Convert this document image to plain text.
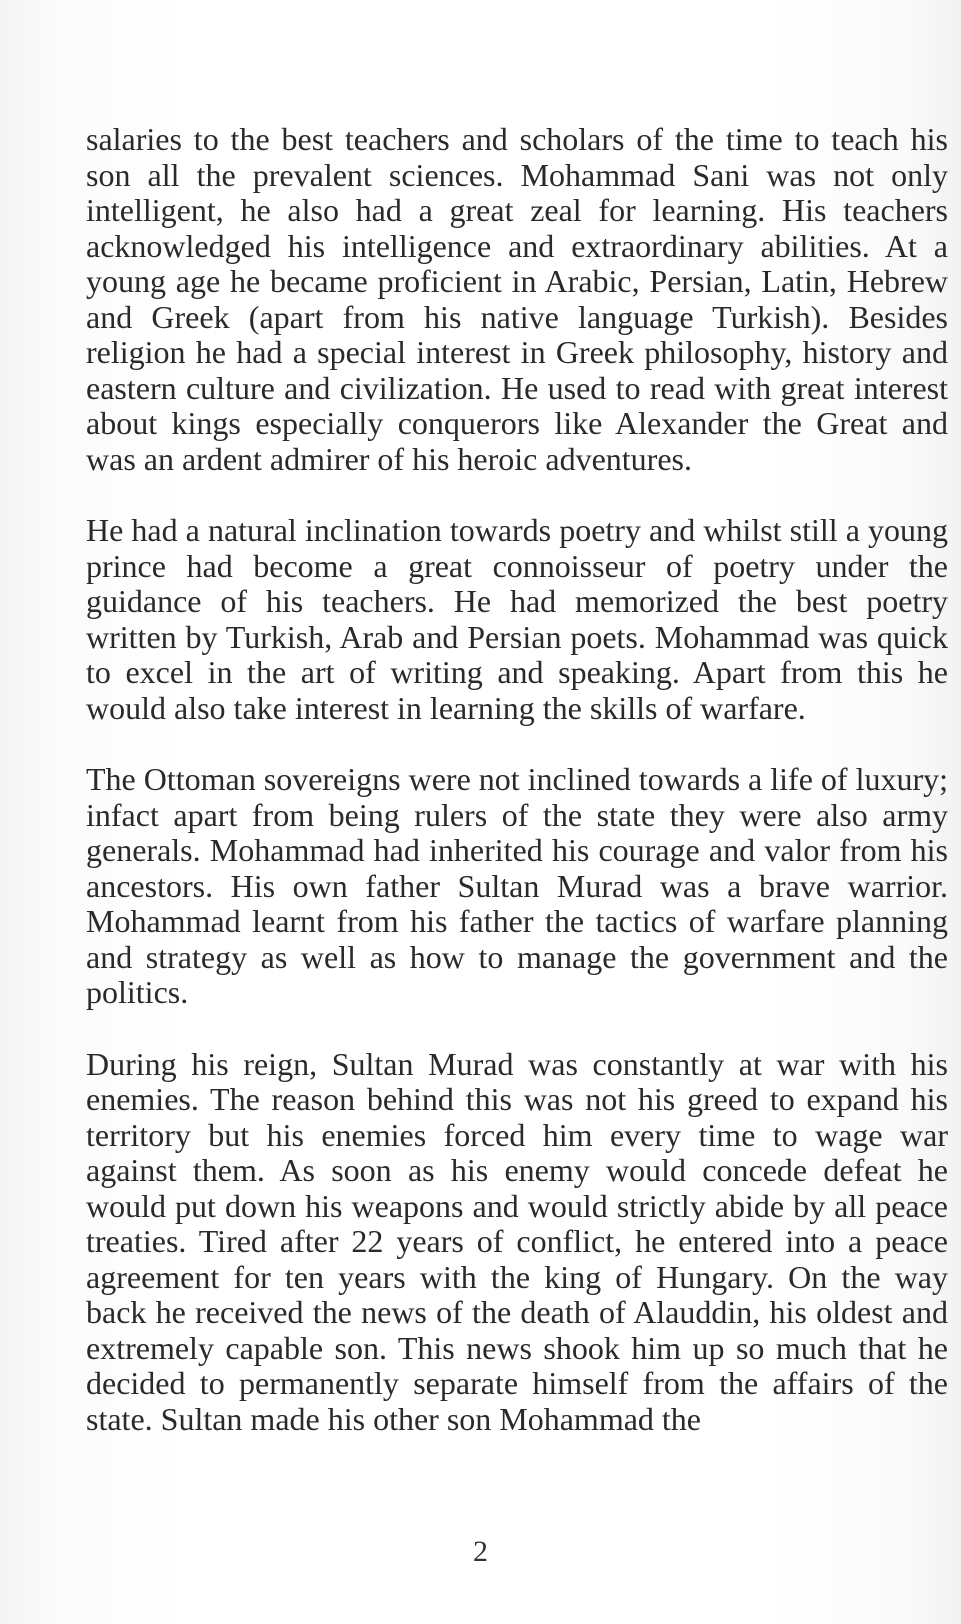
salaries to the best teachers and scholars of the time to teach his son all the prevalent sciences. Mohammad Sani was not only intelligent, he also had a great zeal for learning. His teachers acknowledged his intelligence and extraordinary abilities. At a young age he became proficient in Arabic, Persian, Latin, Hebrew and Greek (apart from his native language Turkish). Besides religion he had a special interest in Greek philosophy, history and eastern culture and civilization. He used to read with great interest about kings especially conquerors like Alexander the Great and was an ardent admirer of his heroic adventures.

He had a natural inclination towards poetry and whilst still a young prince had become a great connoisseur of poetry under the guidance of his teachers. He had memorized the best poetry written by Turkish, Arab and Persian poets. Mohammad was quick to excel in the art of writing and speaking. Apart from this he would also take interest in learning the skills of warfare.

The Ottoman sovereigns were not inclined towards a life of luxury; infact apart from being rulers of the state they were also army generals. Mohammad had inherited his courage and valor from his ancestors. His own father Sultan Murad was a brave warrior. Mohammad learnt from his father the tactics of warfare planning and strategy as well as how to manage the government and the politics.

During his reign, Sultan Murad was constantly at war with his enemies. The reason behind this was not his greed to expand his territory but his enemies forced him every time to wage war against them. As soon as his enemy would concede defeat he would put down his weapons and would strictly abide by all peace treaties. Tired after 22 years of conflict, he entered into a peace agreement for ten years with the king of Hungary. On the way back he received the news of the death of Alauddin, his oldest and extremely capable son. This news shook him up so much that he decided to permanently separate himself from the affairs of the state. Sultan made his other son Mohammad the

2
